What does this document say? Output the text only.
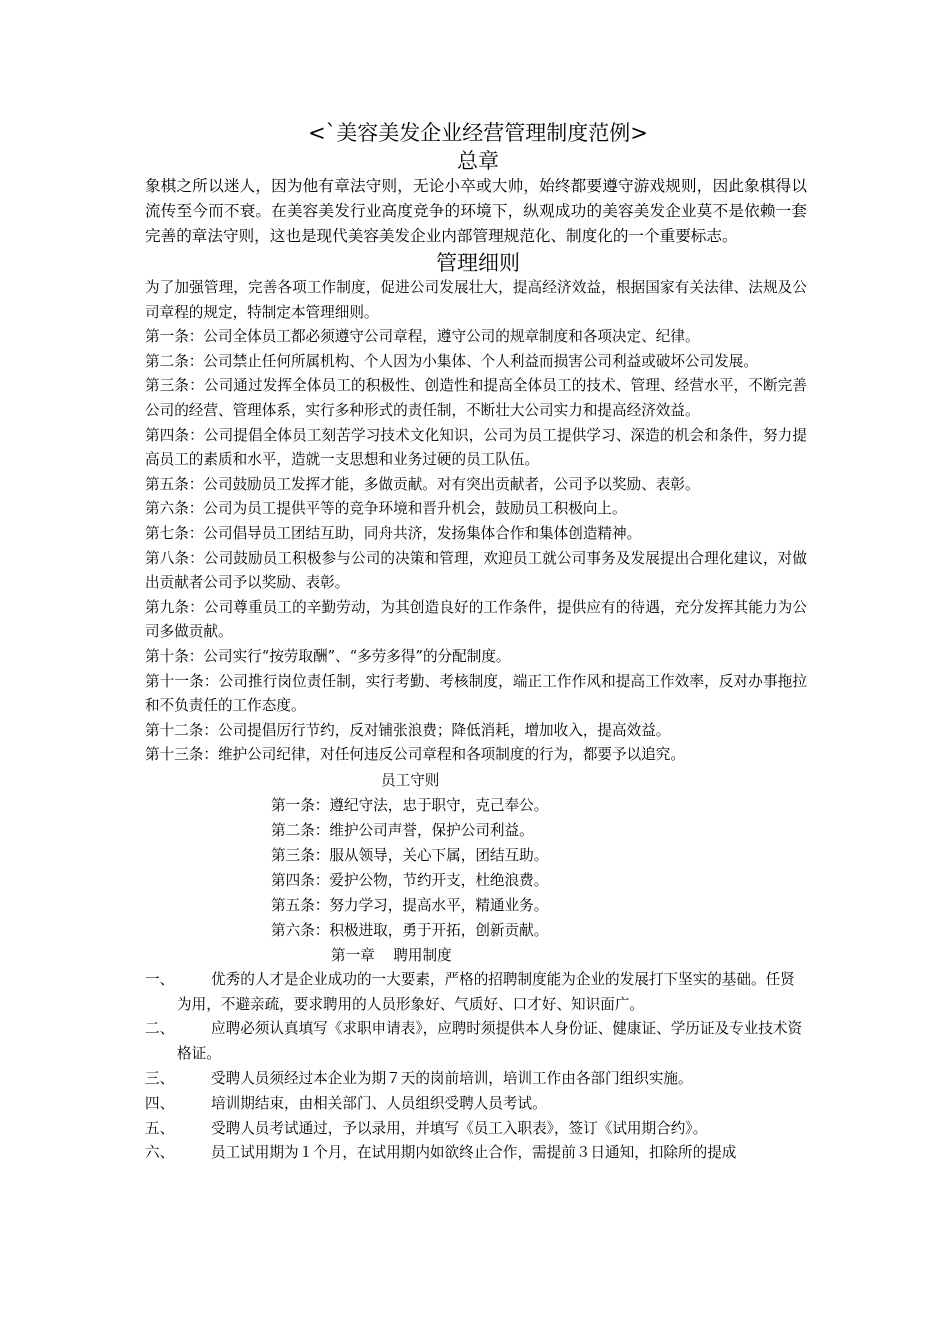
<`美容美发企业经营管理制度范例>
总章
象棋之所以迷人，因为他有章法守则，无论小卒或大帅，始终都要遵守游戏规则，因此象棋得以流传至今而不衰。在美容美发行业高度竞争的环境下，纵观成功的美容美发企业莫不是依赖一套完善的章法守则，这也是现代美容美发企业内部管理规范化、制度化的一个重要标志。
管理细则
为了加强管理，完善各项工作制度，促进公司发展壮大，提高经济效益，根据国家有关法律、法规及公司章程的规定，特制定本管理细则。
第一条：公司全体员工都必须遵守公司章程，遵守公司的规章制度和各项决定、纪律。
第二条：公司禁止任何所属机构、个人因为小集体、个人利益而损害公司利益或破坏公司发展。
第三条：公司通过发挥全体员工的积极性、创造性和提高全体员工的技术、管理、经营水平，不断完善公司的经营、管理体系，实行多种形式的责任制，不断壮大公司实力和提高经济效益。
第四条：公司提倡全体员工刻苦学习技术文化知识，公司为员工提供学习、深造的机会和条件，努力提高员工的素质和水平，造就一支思想和业务过硬的员工队伍。
第五条：公司鼓励员工发挥才能，多做贡献。对有突出贡献者，公司予以奖励、表彰。
第六条：公司为员工提供平等的竞争环境和晋升机会，鼓励员工积极向上。
第七条：公司倡导员工团结互助，同舟共济，发扬集体合作和集体创造精神。
第八条：公司鼓励员工积极参与公司的决策和管理，欢迎员工就公司事务及发展提出合理化建议，对做出贡献者公司予以奖励、表彰。
第九条：公司尊重员工的辛勤劳动，为其创造良好的工作条件，提供应有的待遇，充分发挥其能力为公司多做贡献。
第十条：公司实行“按劳取酬”、“多劳多得”的分配制度。
第十一条：公司推行岗位责任制，实行考勤、考核制度，端正工作作风和提高工作效率，反对办事拖拉和不负责任的工作态度。
第十二条：公司提倡厉行节约，反对铺张浪费；降低消耗，增加收入，提高效益。
第十三条：维护公司纪律，对任何违反公司章程和各项制度的行为，都要予以追究。
员工守则
第一条：遵纪守法，忠于职守，克己奉公。
第二条：维护公司声誉，保护公司利益。
第三条：服从领导，关心下属，团结互助。
第四条：爱护公物，节约开支，杜绝浪费。
第五条：努力学习，提高水平，精通业务。
第六条：积极进取，勇于开拓，创新贡献。
第一章    聘用制度
一、	优秀的人才是企业成功的一大要素，严格的招聘制度能为企业的发展打下坚实的基础。任贤为用，不避亲疏，要求聘用的人员形象好、气质好、口才好、知识面广。
二、	应聘必须认真填写《求职申请表》，应聘时须提供本人身份证、健康证、学历证及专业技术资格证。
三、	受聘人员须经过本企业为期７天的岗前培训，培训工作由各部门组织实施。
四、	培训期结束，由相关部门、人员组织受聘人员考试。
五、	受聘人员考试通过，予以录用，并填写《员工入职表》，签订《试用期合约》。
六、	员工试用期为１个月，在试用期内如欲终止合作，需提前３日通知，扣除所的提成
